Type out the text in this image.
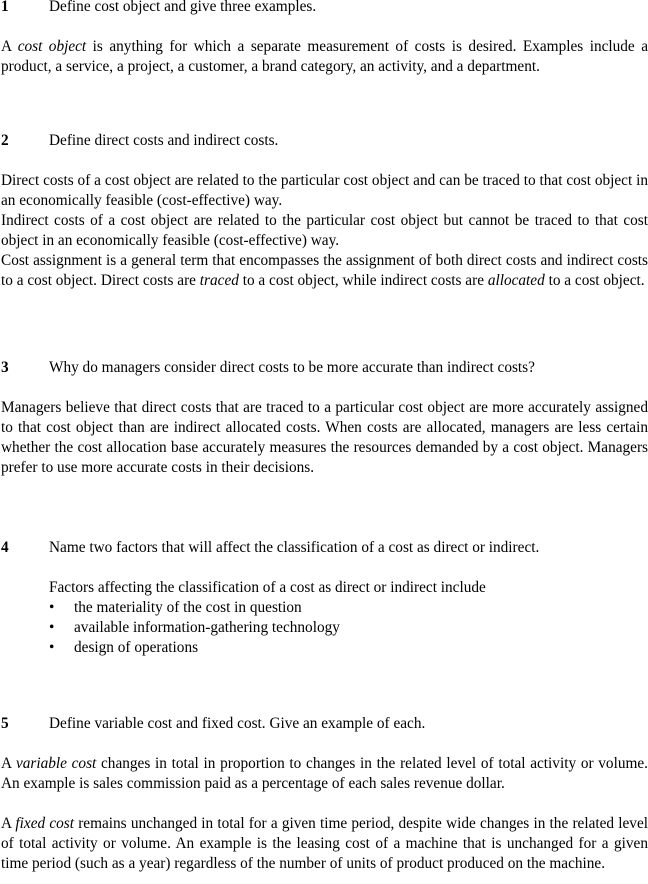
1	Define cost object and give three examples.

A cost object is anything for which a separate measurement of costs is desired. Examples include a product, a service, a project, a customer, a brand category, an activity, and a department.

2	Define direct costs and indirect costs.

Direct costs of a cost object are related to the particular cost object and can be traced to that cost object in an economically feasible (cost-effective) way.

Indirect costs of a cost object are related to the particular cost object but cannot be traced to that cost object in an economically feasible (cost-effective) way.

Cost assignment is a general term that encompasses the assignment of both direct costs and indirect costs to a cost object. Direct costs are traced to a cost object, while indirect costs are allocated to a cost object.

3	Why do managers consider direct costs to be more accurate than indirect costs?

Managers believe that direct costs that are traced to a particular cost object are more accurately assigned to that cost object than are indirect allocated costs. When costs are allocated, managers are less certain whether the cost allocation base accurately measures the resources demanded by a cost object. Managers prefer to use more accurate costs in their decisions.

4	Name two factors that will affect the classification of a cost as direct or indirect.

Factors affecting the classification of a cost as direct or indirect include

• the materiality of the cost in question
• available information-gathering technology
• design of operations
5	Define variable cost and fixed cost. Give an example of each.

A variable cost changes in total in proportion to changes in the related level of total activity or volume. An example is sales commission paid as a percentage of each sales revenue dollar.

A fixed cost remains unchanged in total for a given time period, despite wide changes in the related level of total activity or volume. An example is the leasing cost of a machine that is unchanged for a given time period (such as a year) regardless of the number of units of product produced on the machine.
